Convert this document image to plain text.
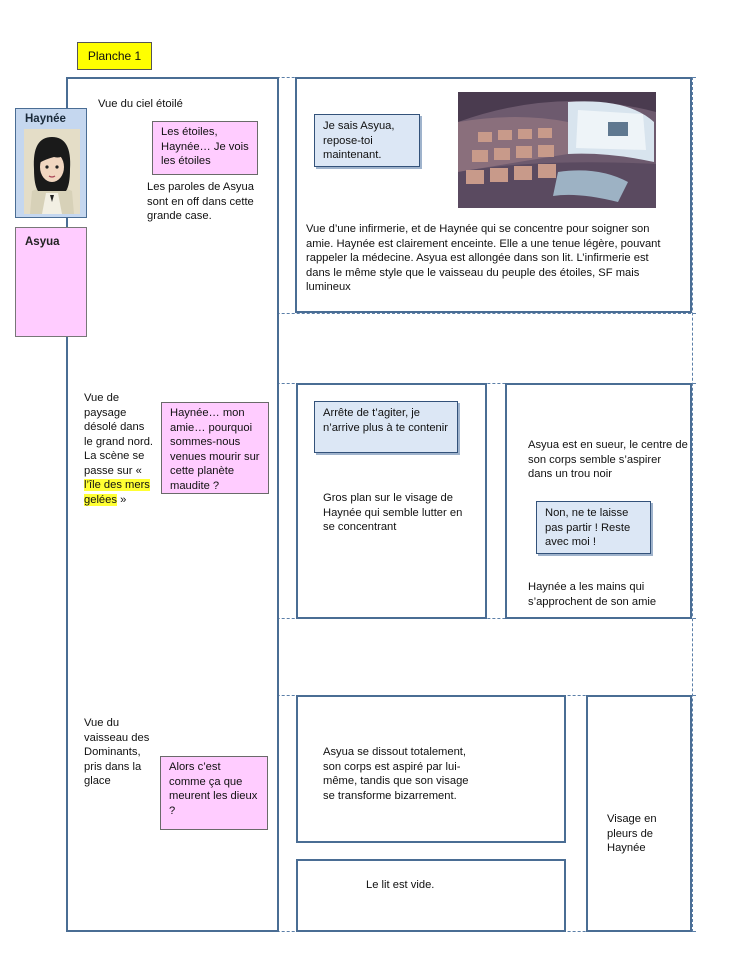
Planche 1
Haynée
Asyua
Vue du ciel étoilé
Les étoiles, Haynée… Je vois les étoiles
Les paroles de Asyua sont en off dans cette grande case.
Je sais Asyua, repose-toi maintenant.
Vue d’une infirmerie, et de Haynée qui se concentre pour soigner son amie. Haynée est clairement enceinte. Elle a une tenue légère, pouvant rappeler la médecine. Asyua est allongée dans son lit. L’infirmerie est dans le même style que le vaisseau du peuple des étoiles, SF mais lumineux
Vue de paysage désolé dans le grand nord. La scène se passe sur « l’île des mers gelées »
Haynée… mon amie… pourquoi sommes-nous venues mourir sur cette planète maudite ?
Arrête de t’agiter, je n’arrive plus à te contenir
Gros plan sur le visage de Haynée qui semble lutter en se concentrant
Asyua est en sueur, le centre de son corps semble s’aspirer dans un trou noir
Non, ne te laisse pas partir ! Reste avec moi !
Haynée a les mains qui s’approchent de son amie
Vue du vaisseau des Dominants, pris dans la glace
Alors c’est comme ça que meurent les dieux ?
Asyua se dissout totalement, son corps est aspiré par lui-même, tandis que son visage se transforme bizarrement.
Le lit est vide.
Visage en pleurs de Haynée
